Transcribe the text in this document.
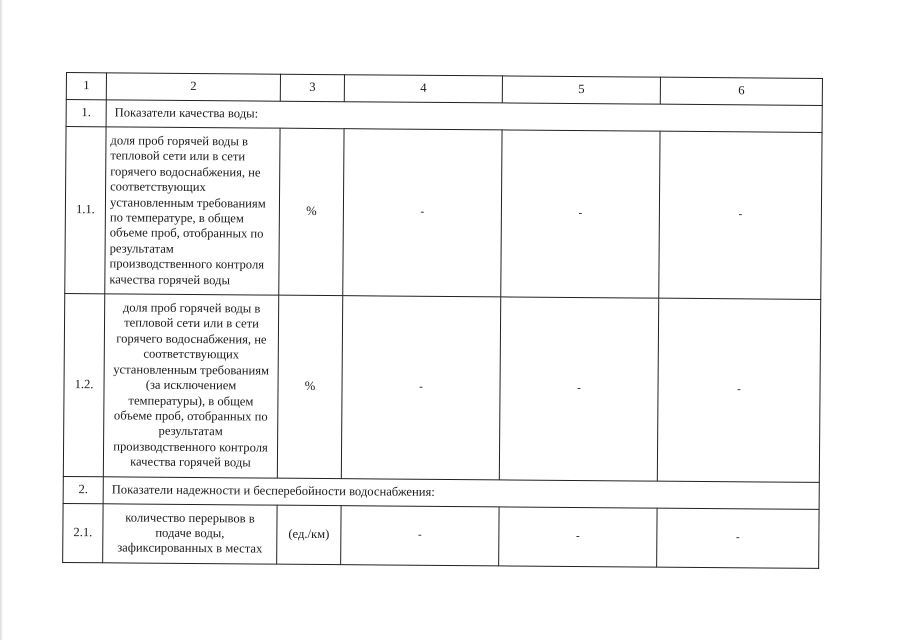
1	2	3	4	5	6
1.	Показатели качества воды:				
1.1.	доля проб горячей воды в тепловой сети или в сети горячего водоснабжения, не соответствующих установленным требованиям по температуре, в общем объеме проб, отобранных по результатам производственного контроля качества горячей воды	%	-	-	-
1.2.	доля проб горячей воды в тепловой сети или в сети горячего водоснабжения, не соответствующих установленным требованиям (за исключением температуры), в общем объеме проб, отобранных по результатам производственного контроля качества горячей воды	%	-	-	-
2.	Показатели надежности и бесперебойности водоснабжения:				
2.1.	количество перерывов в подаче воды, зафиксированных в местах	(ед./км)	-	-	-
